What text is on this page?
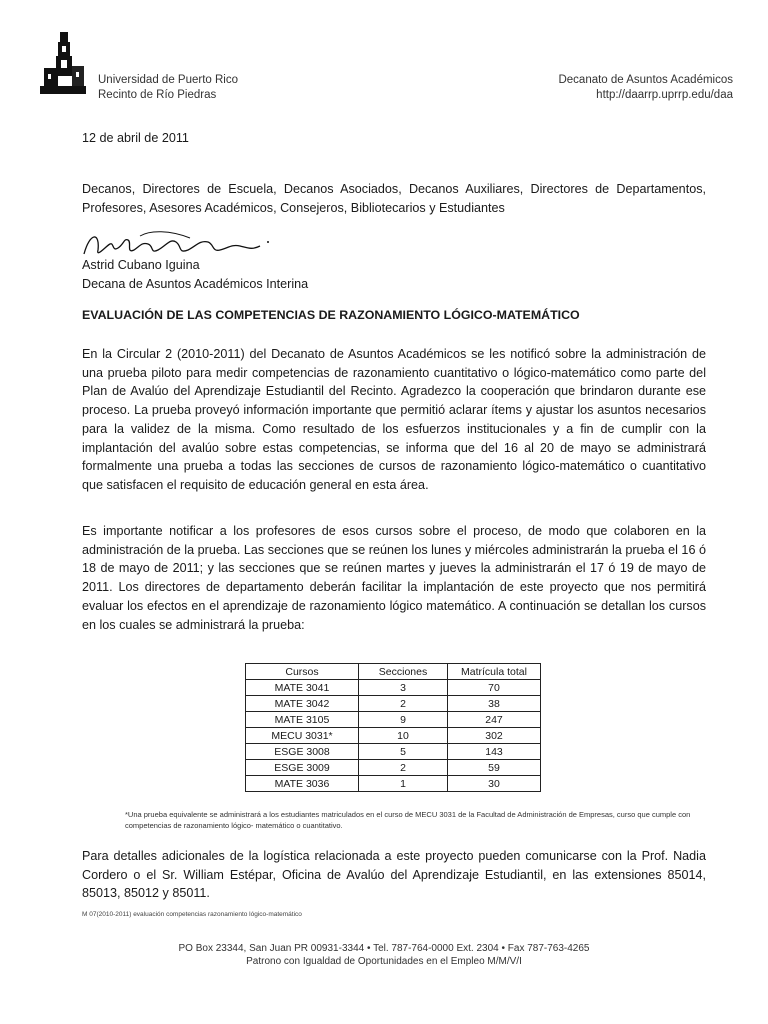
Universidad de Puerto Rico
Recinto de Río Piedras
Decanato de Asuntos Académicos
http://daarrp.uprrp.edu/daa
12 de abril de 2011
Decanos, Directores de Escuela, Decanos Asociados, Decanos Auxiliares, Directores de Departamentos, Profesores, Asesores Académicos, Consejeros, Bibliotecarios y Estudiantes
Astrid Cubano Iguina
Decana de Asuntos Académicos Interina
EVALUACIÓN DE LAS COMPETENCIAS DE RAZONAMIENTO LÓGICO-MATEMÁTICO
En la Circular 2 (2010-2011) del Decanato de Asuntos Académicos se les notificó sobre la administración de una prueba piloto para medir competencias de razonamiento cuantitativo o lógico-matemático como parte del Plan de Avalúo del Aprendizaje Estudiantil del Recinto. Agradezco la cooperación que brindaron durante ese proceso. La prueba proveyó información importante que permitió aclarar ítems y ajustar los asuntos necesarios para la validez de la misma. Como resultado de los esfuerzos institucionales y a fin de cumplir con la implantación del avalúo sobre estas competencias, se informa que del 16 al 20 de mayo se administrará formalmente una prueba a todas las secciones de cursos de razonamiento lógico-matemático o cuantitativo que satisfacen el requisito de educación general en esta área.
Es importante notificar a los profesores de esos cursos sobre el proceso, de modo que colaboren en la administración de la prueba. Las secciones que se reúnen los lunes y miércoles administrarán la prueba el 16 ó 18 de mayo de 2011; y las secciones que se reúnen martes y jueves la administrarán el 17 ó 19 de mayo de 2011. Los directores de departamento deberán facilitar la implantación de este proyecto que nos permitirá evaluar los efectos en el aprendizaje de razonamiento lógico matemático. A continuación se detallan los cursos en los cuales se administrará la prueba:
Cursos	Secciones	Matrícula total
MATE 3041	3	70
MATE 3042	2	38
MATE 3105	9	247
MECU 3031*	10	302
ESGE 3008	5	143
ESGE 3009	2	59
MATE 3036	1	30
*Una prueba equivalente se administrará a los estudiantes matriculados en el curso de MECU 3031 de la Facultad de Administración de Empresas, curso que cumple con competencias de razonamiento lógico- matemático o cuantitativo.
Para detalles adicionales de la logística relacionada a este proyecto pueden comunicarse con la Prof. Nadia Cordero o el Sr. William Estépar, Oficina de Avalúo del Aprendizaje Estudiantil, en las extensiones 85014, 85013, 85012 y 85011.
M 07(2010-2011) evaluación competencias razonamiento lógico-matemático
PO Box 23344, San Juan PR 00931-3344 • Tel. 787-764-0000 Ext. 2304 • Fax 787-763-4265
Patrono con Igualdad de Oportunidades en el Empleo M/M/V/I
